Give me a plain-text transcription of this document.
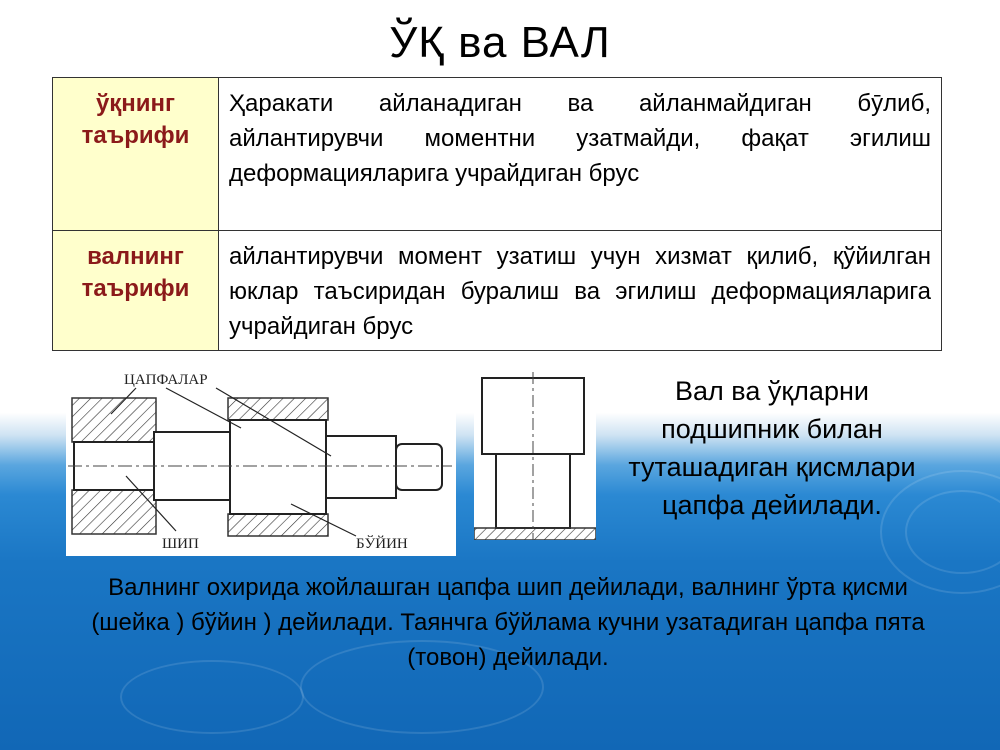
ЎҚ ва ВАЛ
ўқнинг таърифи	Ҳаракати айланадиган ва айланмайдиган бӯлиб, айлантирувчи моментни узатмайди, фақат эгилиш деформацияларига учрайдиган брус
валнинг таърифи	айлантирувчи момент узатиш учун хизмат қилиб, қўйилган юклар таъсиридан буралиш ва эгилиш деформацияларига учрайдиган брус
ЦАПФАЛАР
ШИП	БЎЙИН
Вал ва ўқларни подшипник билан туташадиган қисмлари цапфа дейилади.
Валнинг охирида жойлашган цапфа шип дейилади, валнинг ўрта қисми (шейка ) бўйин ) дейилади. Таянчга бўйлама кучни узатадиган цапфа пята (товон) дейилади.
